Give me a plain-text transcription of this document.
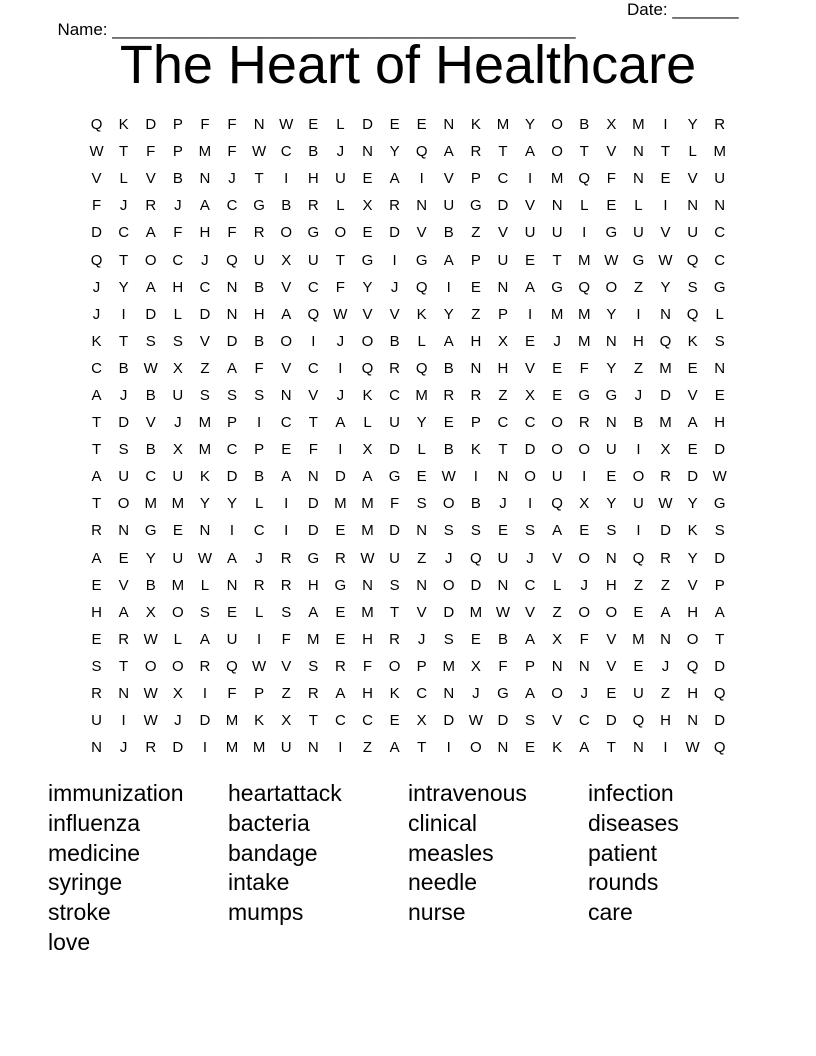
Name: _________________________________________________

Date: _______

The Heart of Healthcare
Q	K	D	P	F	F	N W	E	L	D	E	E	N	K	M	Y	O	B	X	M	I	Y	R
W	T	F	P	M	F	W C	B	J	N	Y	Q	A	R	T	A	O	T	V	N	T	L	M
V	L	V	B	N	J	T	I	H	U	E	A	I	V	P	C	I	M	Q	F	N	E	V	U
F	J	R	J	A	C	G	B	R	L	X	R	N	U	G	D	V	N	L	E	L	I	N	N
D	C	A	F	H	F	R	O	G	O	E	D	V	B	Z	V	U	U	I	G	U	V	U	C
Q	T	O	C	J	Q	U	X	U	T	G	I	G	A	P	U	E	T	M W G W Q	C
J	Y	A	H	C	N	B	V	C	F	Y	J	Q	I	E	N	A	G	Q	O	Z	Y	S	G
J	I	D	L	D	N	H	A	Q W	V	V	K	Y	Z	P	I	M M	Y	I	N	Q	L
K	T	S	S	V	D	B	O	I	J	O	B	L	A	H	X	E	J	M	N	H	Q	K	S
C	B	W	X	Z	A	F	V	C	I	Q	R	Q	B	N	H	V	E	F	Y	Z	M	E	N
A	J	B	U	S	S	S	N	V	J	K	C	M	R	R	Z	X	E	G	G	J	D	V	E
T	D	V	J	M	P	I	C	T	A	L	U	Y	E	P	C	C	O	R	N	B	M	A	H
T	S	B	X	M	C	P	E	F	I	X	D	L	B	K	T	D	O	O	U	I	X	E	D
A	U	C	U	K	D	B	A	N	D	A	G	E	W	I	N	O	U	I	E	O	R	D W
T	O	M M	Y	Y	L	I	D	M M	F	S	O	B	J	I	Q	X	Y	U W	Y	G
R	N	G	E	N	I	C	I	D	E	M	D	N	S	S	E	S	A	E	S	I	D	K	S
A	E	Y	U W	A	J	R	G	R W U	Z	J	Q	U	J	V	O	N	Q	R	Y	D
E	V	B	M	L	N	R	R	H	G	N	S	N	O	D	N	C	L	J	H	Z	Z	V	P
H	A	X	O	S	E	L	S	A	E	M	T	V	D	M W	V	Z	O	O	E	A	H	A
E	R W	L	A	U	I	F	M	E	H	R	J	S	E	B	A	X	F	V	M	N	O	T
S	T	O	O	R	Q W	V	S	R	F	O	P	M	X	F	P	N	N	V	E	J	Q	D
R	N W	X	I	F	P	Z	R	A	H	K	C	N	J	G	A	O	J	E	U	Z	H	Q
U	I	W	J	D	M	K	X	T	C	C	E	X	D W D	S	V	C	D	Q	H	N	D
N	J	R	D	I	M M	U	N	I	Z	A	T	I	O	N	E	K	A	T	N	I	W Q
immunization	heartattack	intravenous	infection
influenza	bacteria	clinical	diseases
medicine	bandage	measles	patient
syringe	intake	needle	rounds
stroke	mumps	nurse	care
love
